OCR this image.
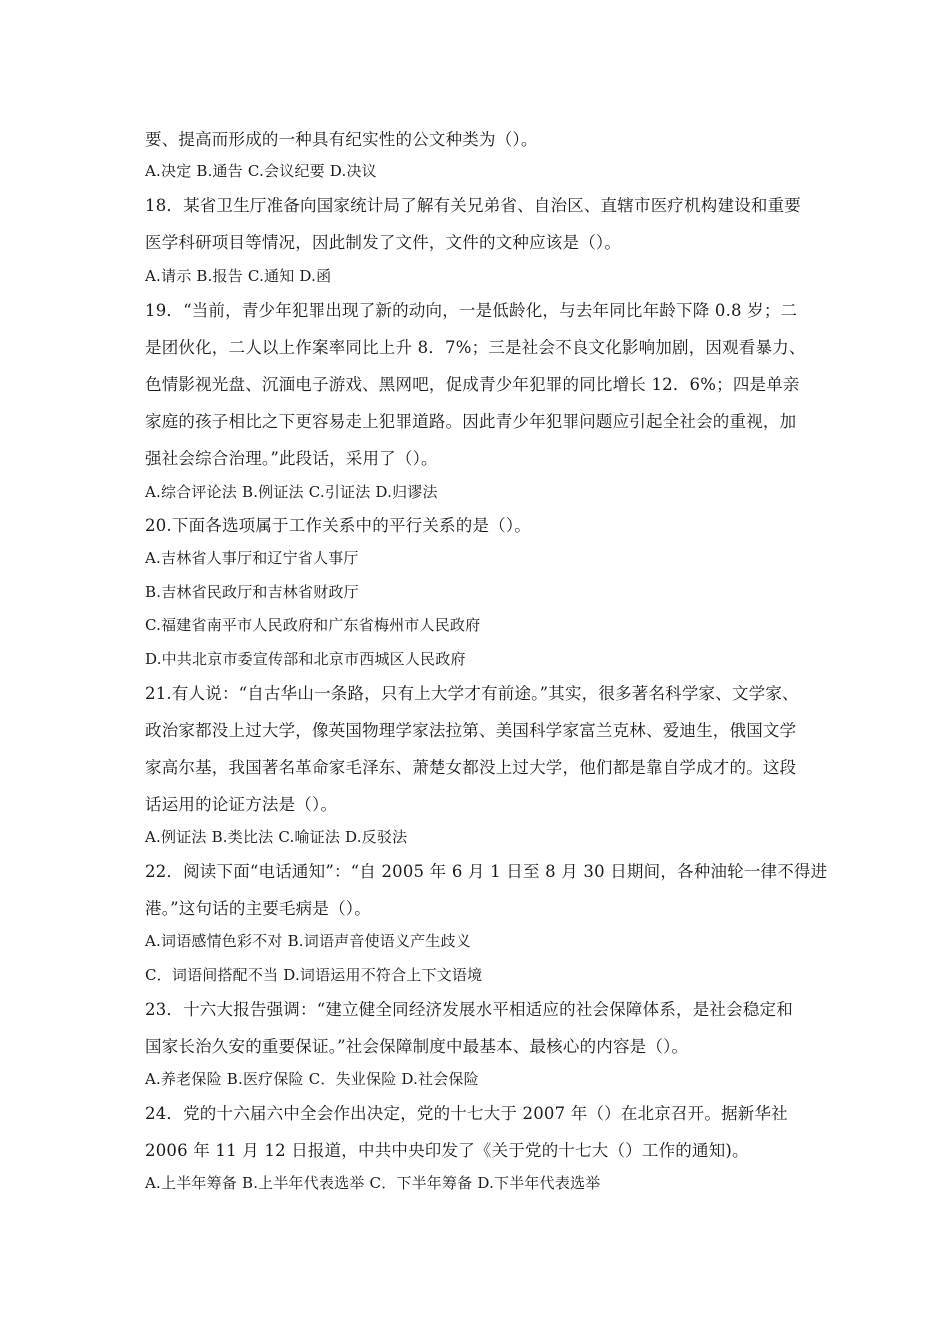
要、提高而形成的一种具有纪实性的公文种类为（）。
A.决定 B.通告 C.会议纪要 D.决议
18．某省卫生厅准备向国家统计局了解有关兄弟省、自治区、直辖市医疗机构建设和重要
医学科研项目等情况，因此制发了文件，文件的文种应该是（）。
A.请示 B.报告 C.通知 D.函
19．“当前，青少年犯罪出现了新的动向，一是低龄化，与去年同比年龄下降 0.8 岁；二
是团伙化，二人以上作案率同比上升 8．7%；三是社会不良文化影响加剧，因观看暴力、
色情影视光盘、沉湎电子游戏、黑网吧，促成青少年犯罪的同比增长 12．6%；四是单亲
家庭的孩子相比之下更容易走上犯罪道路。因此青少年犯罪问题应引起全社会的重视，加
强社会综合治理。”此段话，采用了（）。
A.综合评论法 B.例证法 C.引证法 D.归谬法
20.下面各选项属于工作关系中的平行关系的是（）。
A.吉林省人事厅和辽宁省人事厅
B.吉林省民政厅和吉林省财政厅
C.福建省南平市人民政府和广东省梅州市人民政府
D.中共北京市委宣传部和北京市西城区人民政府
21.有人说：“自古华山一条路，只有上大学才有前途。”其实，很多著名科学家、文学家、
政治家都没上过大学，像英国物理学家法拉第、美国科学家富兰克林、爱迪生，俄国文学
家高尔基，我国著名革命家毛泽东、萧楚女都没上过大学，他们都是靠自学成才的。这段
话运用的论证方法是（）。
A.例证法 B.类比法 C.喻证法 D.反驳法
22．阅读下面“电话通知”：“自 2005 年 6 月 1 日至 8 月 30 日期间，各种油轮一律不得进
港。”这句话的主要毛病是（）。
A.词语感情色彩不对 B.词语声音使语义产生歧义
C．词语间搭配不当 D.词语运用不符合上下文语境
23．十六大报告强调：“建立健全同经济发展水平相适应的社会保障体系，是社会稳定和
国家长治久安的重要保证。”社会保障制度中最基本、最核心的内容是（）。
A.养老保险 B.医疗保险 C．失业保险 D.社会保险
24．党的十六届六中全会作出决定，党的十七大于 2007 年（）在北京召开。据新华社
2006 年 11 月 12 日报道，中共中央印发了《关于党的十七大（）工作的通知)。
A.上半年筹备 B.上半年代表选举 C．下半年筹备 D.下半年代表选举
